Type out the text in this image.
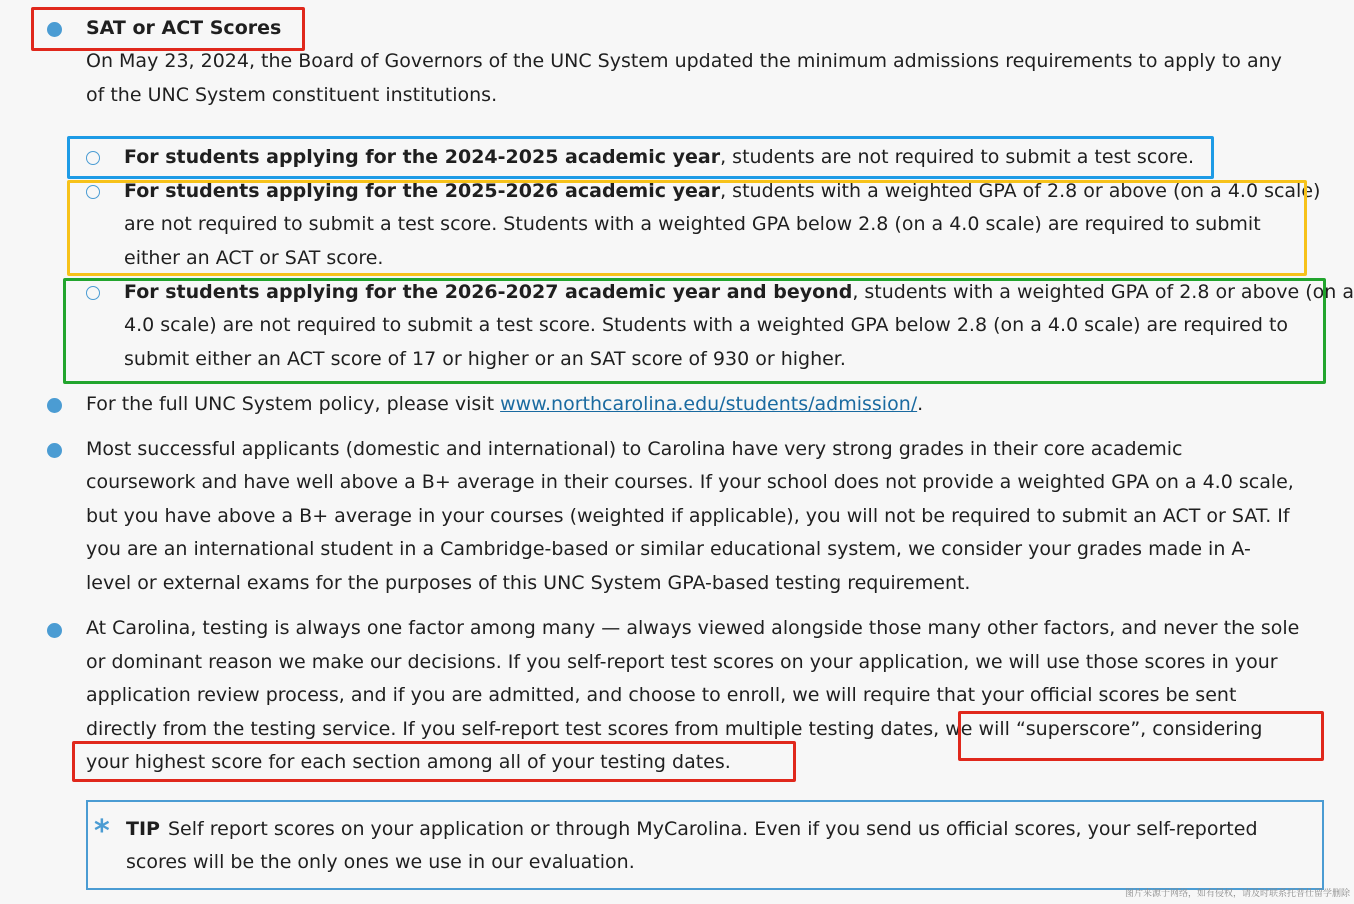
SAT or ACT Scores
On May 23, 2024, the Board of Governors of the UNC System updated the minimum admissions requirements to apply to any
of the UNC System constituent institutions.
For students applying for the 2024-2025 academic year, students are not required to submit a test score.
For students applying for the 2025-2026 academic year, students with a weighted GPA of 2.8 or above (on a 4.0 scale)
are not required to submit a test score. Students with a weighted GPA below 2.8 (on a 4.0 scale) are required to submit
either an ACT or SAT score.
For students applying for the 2026-2027 academic year and beyond, students with a weighted GPA of 2.8 or above (on a
4.0 scale) are not required to submit a test score. Students with a weighted GPA below 2.8 (on a 4.0 scale) are required to
submit either an ACT score of 17 or higher or an SAT score of 930 or higher.
For the full UNC System policy, please visit www.northcarolina.edu/students/admission/.
Most successful applicants (domestic and international) to Carolina have very strong grades in their core academic
coursework and have well above a B+ average in their courses. If your school does not provide a weighted GPA on a 4.0 scale,
but you have above a B+ average in your courses (weighted if applicable), you will not be required to submit an ACT or SAT. If
you are an international student in a Cambridge-based or similar educational system, we consider your grades made in A-
level or external exams for the purposes of this UNC System GPA-based testing requirement.
At Carolina, testing is always one factor among many — always viewed alongside those many other factors, and never the sole
or dominant reason we make our decisions. If you self-report test scores on your application, we will use those scores in your
application review process, and if you are admitted, and choose to enroll, we will require that your official scores be sent
directly from the testing service. If you self-report test scores from multiple testing dates, we will “superscore”, considering
your highest score for each section among all of your testing dates.
* TIP Self report scores on your application or through MyCarolina. Even if you send us official scores, your self-reported
scores will be the only ones we use in our evaluation.
图片来源于网络，如有侵权，请及时联系托普仕留学删除
